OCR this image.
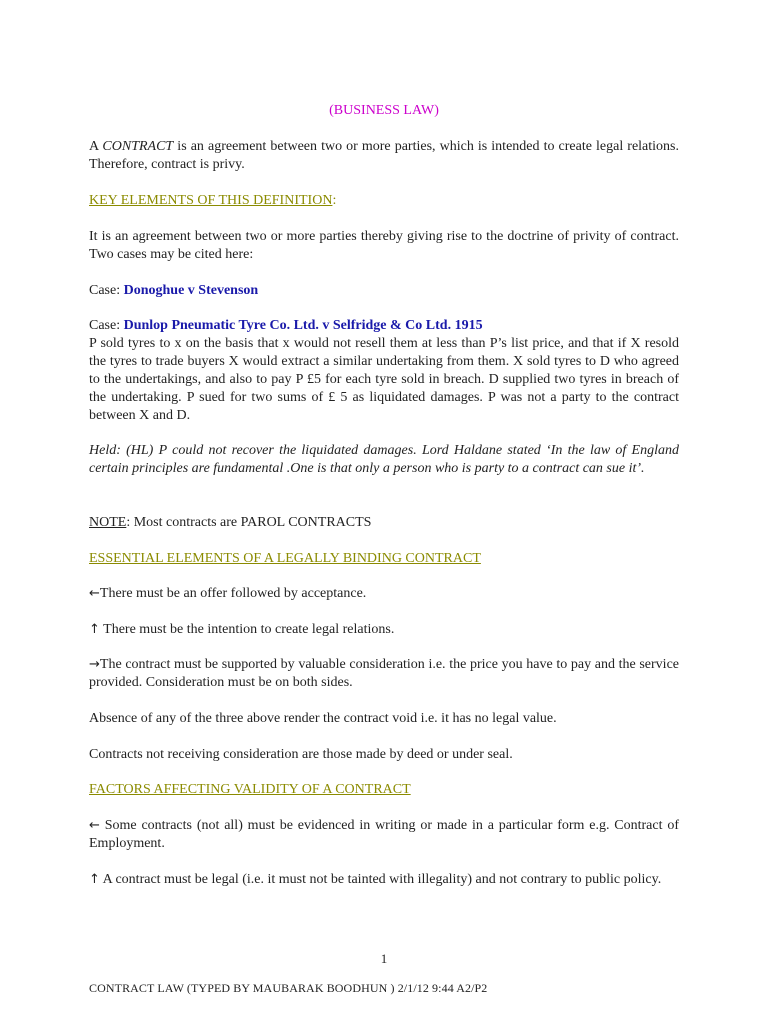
(BUSINESS LAW)
A CONTRACT is an agreement between two or more parties, which is intended to create legal relations. Therefore, contract is privy.
KEY ELEMENTS OF THIS DEFINITION:
It is an agreement between two or more parties thereby giving rise to the doctrine of privity of contract. Two cases may be cited here:
Case: Donoghue v Stevenson
Case: Dunlop Pneumatic Tyre Co. Ltd. v Selfridge & Co Ltd. 1915
P sold tyres to x on the basis that x would not resell them at less than P’s list price, and that if X resold the tyres to trade buyers X would extract a similar undertaking from them. X sold tyres to D who agreed to the undertakings, and also to pay P £5 for each tyre sold in breach. D supplied two tyres in breach of the undertaking. P sued for two sums of £ 5 as liquidated damages. P was not a party to the contract between X and D.
Held: (HL) P could not recover the liquidated damages. Lord Haldane stated ‘In the law of England certain principles are fundamental .One is that only a person who is party to a contract can sue it’.
NOTE: Most contracts are PAROL CONTRACTS
ESSENTIAL ELEMENTS OF A LEGALLY BINDING CONTRACT
←There must be an offer followed by acceptance.
↑ There must be the intention to create legal relations.
→The contract must be supported by valuable consideration i.e. the price you have to pay and the service provided. Consideration must be on both sides.
Absence of any of the three above render the contract void i.e. it has no legal value.
Contracts not receiving consideration are those made by deed or under seal.
FACTORS AFFECTING VALIDITY OF A CONTRACT
← Some contracts (not all) must be evidenced in writing or made in a particular form e.g. Contract of Employment.
↑ A contract must be legal (i.e. it must not be tainted with illegality) and not contrary to public policy.
1
CONTRACT LAW (TYPED BY MAUBARAK BOODHUN ) 2/1/12 9:44 A2/P2
